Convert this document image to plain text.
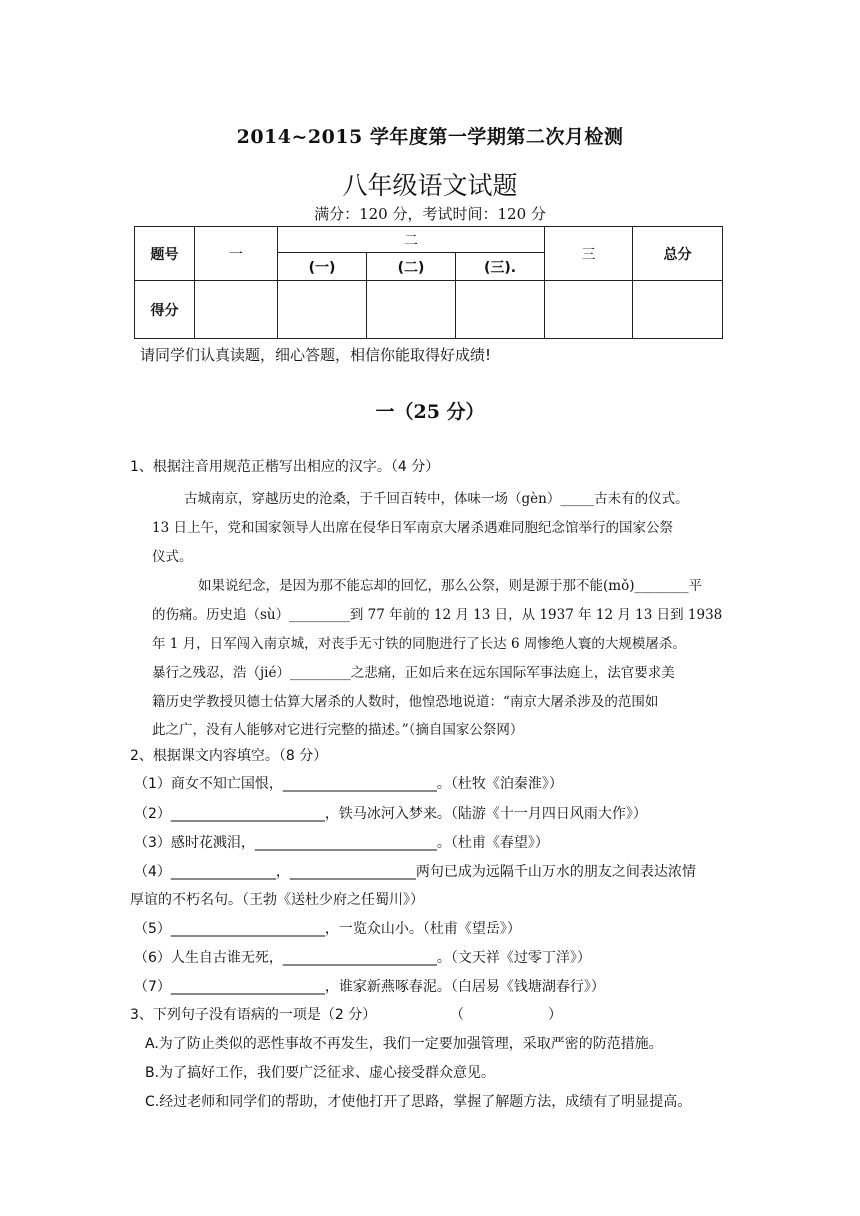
2014~2015 学年度第一学期第二次月检测
八年级语文试题
满分：120 分，考试时间：120 分
题号	一	二			三	总分
		(一)	(二)	(三).		
得分						
请同学们认真读题，细心答题，相信你能取得好成绩!
一（25 分）
1、根据注音用规范正楷写出相应的汉字。（4 分）
古城南京，穿越历史的沧桑，于千回百转中，体味一场（gèn）_____古未有的仪式。
13 日上午，党和国家领导人出席在侵华日军南京大屠杀遇难同胞纪念馆举行的国家公祭
仪式。
如果说纪念，是因为那不能忘却的回忆，那么公祭，则是源于那不能(mǒ)________平
的伤痛。历史追（sù）_________到 77 年前的 12 月 13 日，从 1937 年 12 月 13 日到 1938
年 1 月，日军闯入南京城，对丧手无寸铁的同胞进行了长达 6 周惨绝人寰的大规模屠杀。
暴行之残忍，浩（jié）_________之悲痛，正如后来在远东国际军事法庭上，法官要求美
籍历史学教授贝德士估算大屠杀的人数时，他惶恐地说道：“南京大屠杀涉及的范围如
此之广，没有人能够对它进行完整的描述。”（摘自国家公祭网）
2、根据课文内容填空。（8 分）
（1）商女不知亡国恨，______________________。（杜牧《泊秦淮》）
（2）______________________，铁马冰河入梦来。（陆游《十一月四日风雨大作》）
（3）感时花溅泪，__________________________。（杜甫《春望》）
（4）_______________，__________________两句已成为远隔千山万水的朋友之间表达浓情
厚谊的不朽名句。（王勃《送杜少府之任蜀川》）
（5）______________________，一览众山小。（杜甫《望岳》）
（6）人生自古谁无死，______________________。（文天祥《过零丁洋》）
（7）______________________，谁家新燕啄春泥。（白居易《钱塘湖春行》）
3、下列句子没有语病的一项是（2 分）	（　　　　　　）
A.为了防止类似的恶性事故不再发生，我们一定要加强管理，采取严密的防范措施。
B.为了搞好工作，我们要广泛征求、虚心接受群众意见。
C.经过老师和同学们的帮助，才使他打开了思路，掌握了解题方法，成绩有了明显提高。
